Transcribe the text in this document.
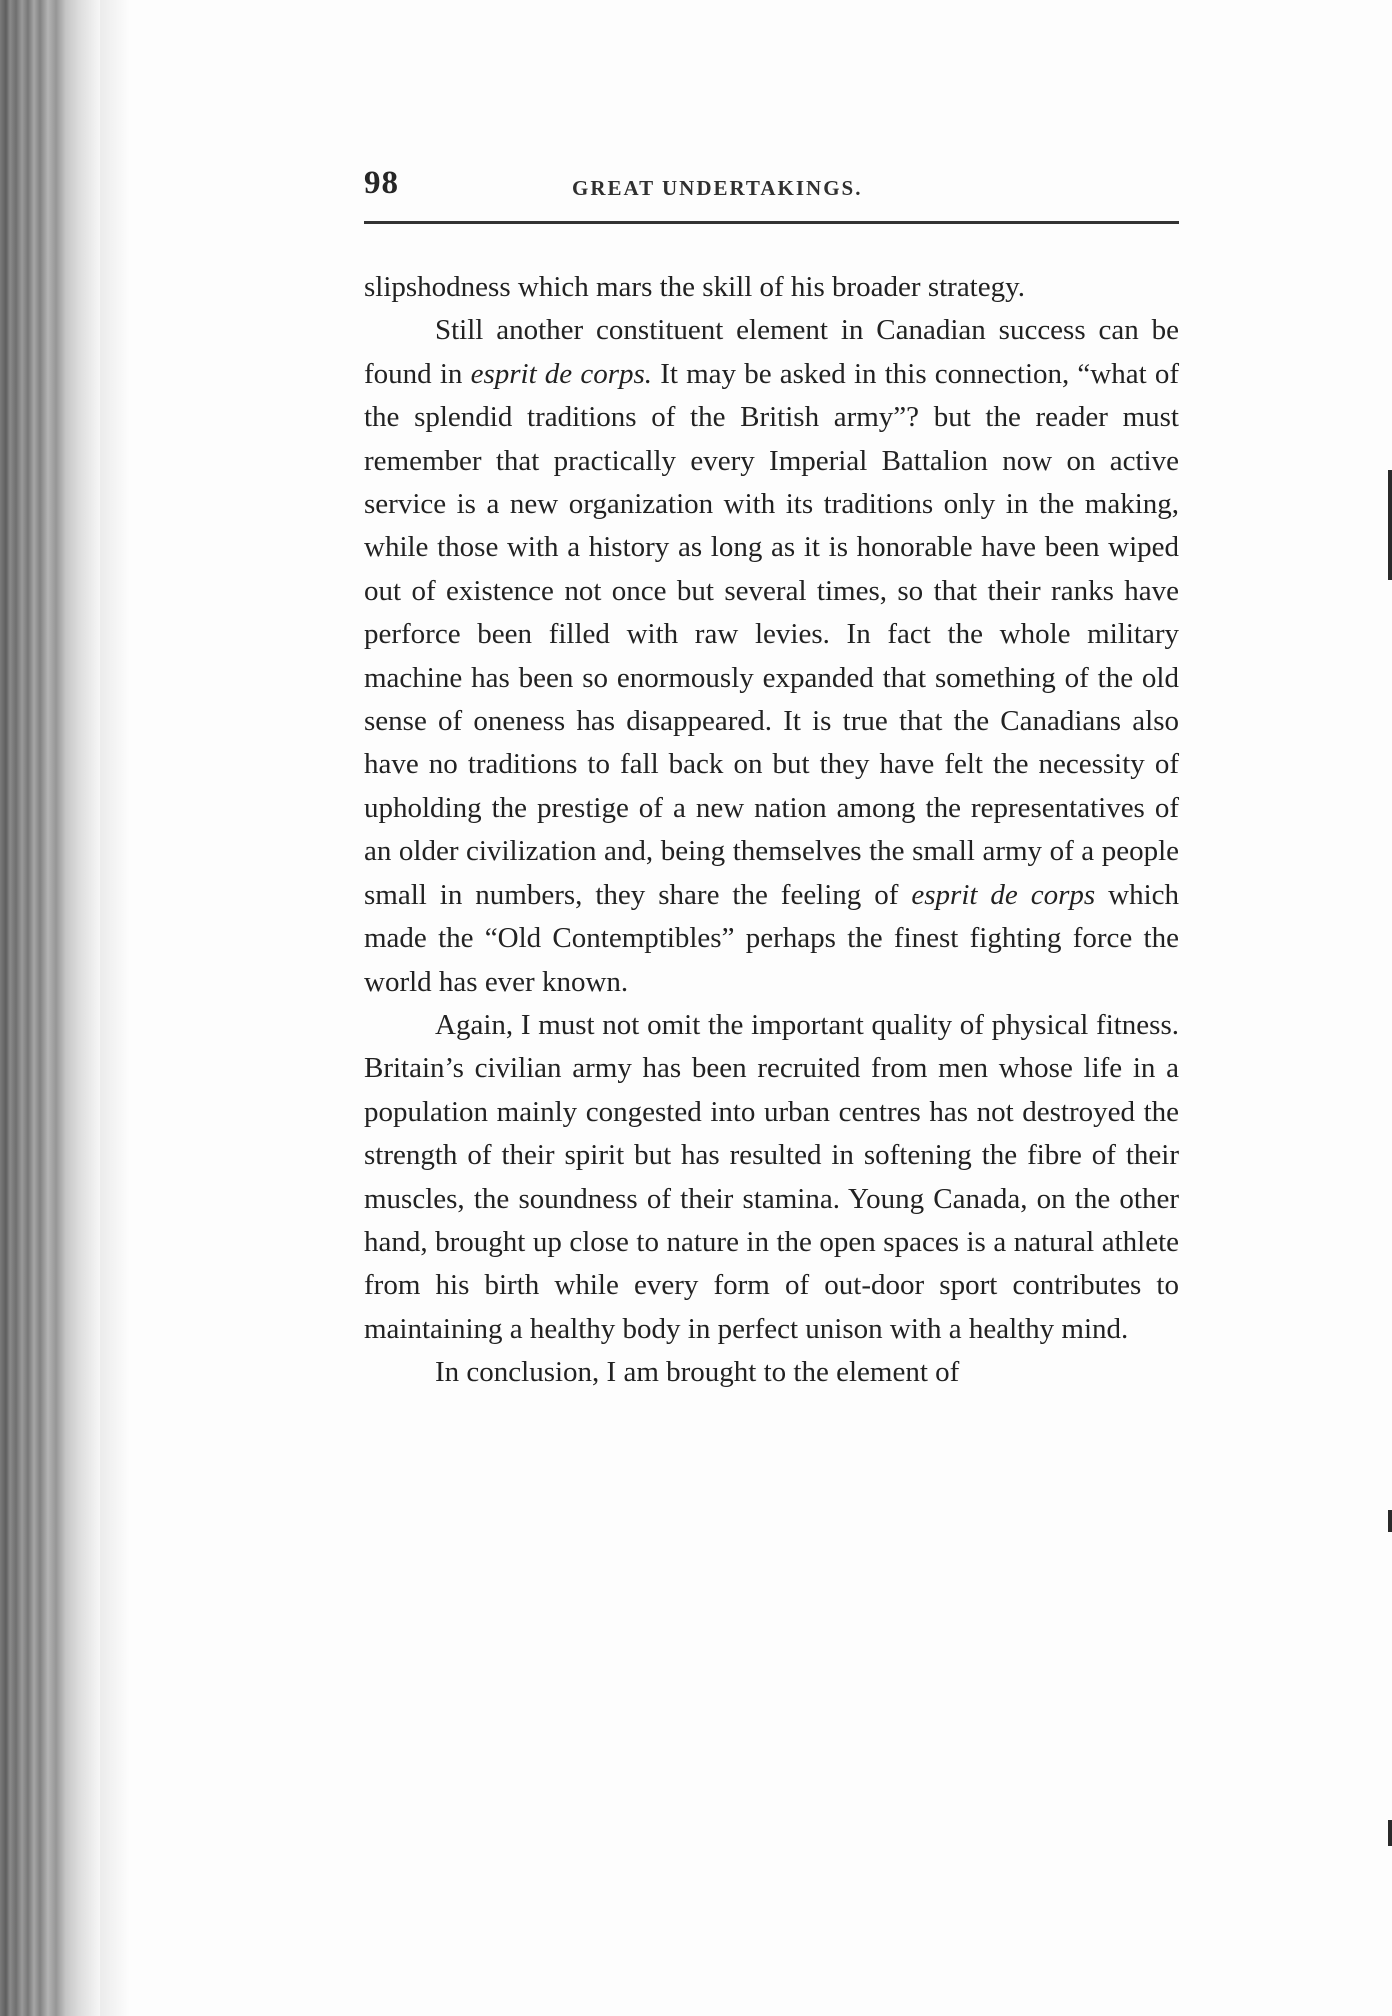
98	GREAT UNDERTAKINGS.

slipshodness which mars the skill of his broader strategy.

Still another constituent element in Canadian success can be found in esprit de corps. It may be asked in this connection, “what of the splendid traditions of the British army”? but the reader must remember that practically every Imperial Battalion now on active service is a new organization with its traditions only in the making, while those with a history as long as it is honorable have been wiped out of existence not once but several times, so that their ranks have perforce been filled with raw levies. In fact the whole military machine has been so enormously expanded that something of the old sense of oneness has disappeared. It is true that the Canadians also have no traditions to fall back on but they have felt the necessity of upholding the prestige of a new nation among the representatives of an older civilization and, being themselves the small army of a people small in numbers, they share the feeling of esprit de corps which made the “Old Contemptibles” perhaps the finest fighting force the world has ever known.

Again, I must not omit the important quality of physical fitness. Britain’s civilian army has been recruited from men whose life in a population mainly congested into urban centres has not destroyed the strength of their spirit but has resulted in softening the fibre of their muscles, the soundness of their stamina. Young Canada, on the other hand, brought up close to nature in the open spaces is a natural athlete from his birth while every form of out-door sport contributes to maintaining a healthy body in perfect unison with a healthy mind.

In conclusion, I am brought to the element of
